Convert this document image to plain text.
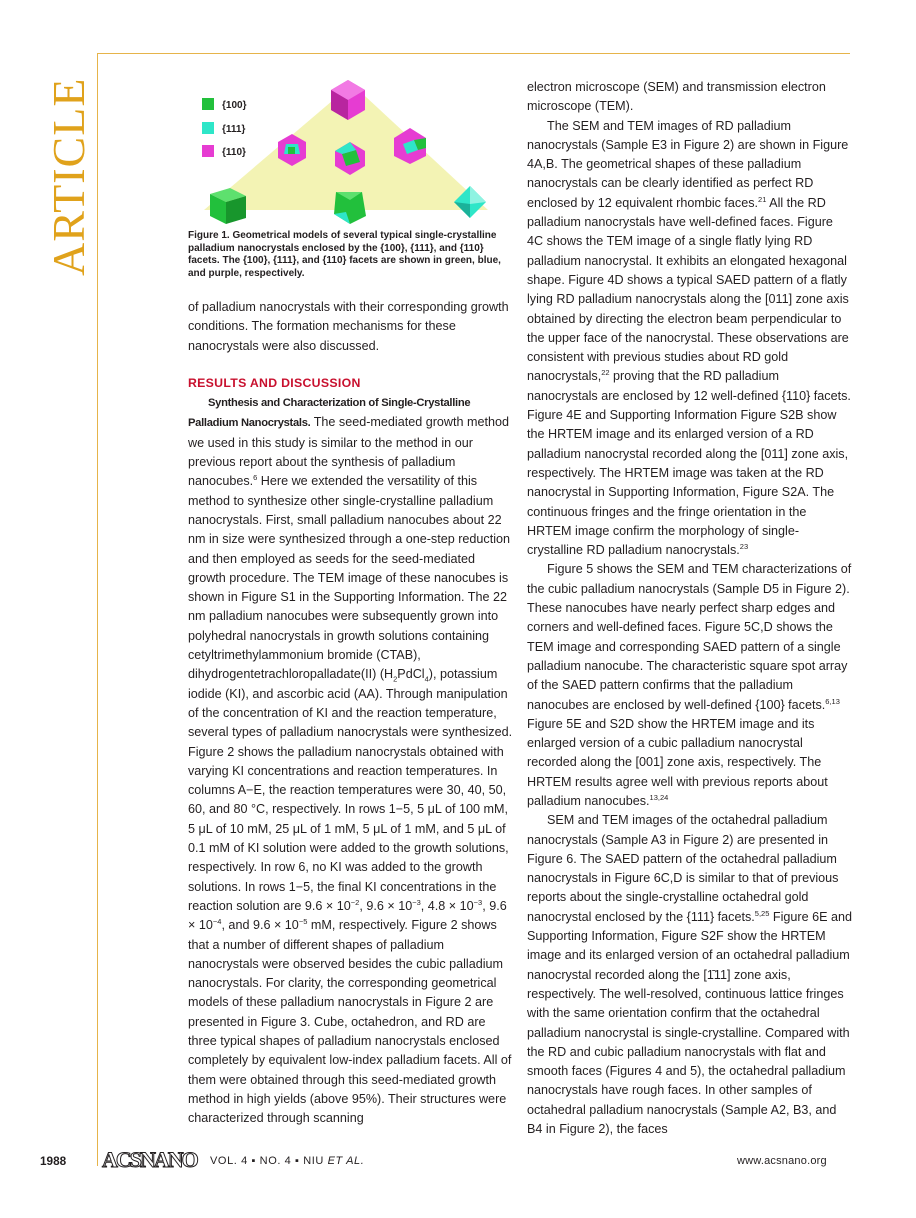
ARTICLE	{100}
{111}
{110}
Figure 1. Geometrical models of several typical single-crystalline palladium nanocrystals enclosed by the {100}, {111}, and {110} facets. The {100}, {111}, and {110} facets are shown in green, blue, and purple, respectively.

of palladium nanocrystals with their corresponding growth conditions. The formation mechanisms for these nanocrystals were also discussed.

RESULTS AND DISCUSSION

Synthesis and Characterization of Single-Crystalline Palladium Nanocrystals. The seed-mediated growth method we used in this study is similar to the method in our previous report about the synthesis of palladium nanocubes.$^6$ Here we extended the versatility of this method to synthesize other single-crystalline palladium nanocrystals. First, small palladium nanocubes about 22 nm in size were synthesized through a one-step reduction and then employed as seeds for the seed-mediated growth procedure. The TEM image of these nanocubes is shown in Figure S1 in the Supporting Information. The 22 nm palladium nanocubes were subsequently grown into polyhedral nanocrystals in growth solutions containing cetyltrimethylammonium bromide (CTAB), dihydrogentetrachloropalladate(II) $(H_2PdCl_4)$, potassium iodide (KI), and ascorbic acid (AA). Through manipulation of the concentration of KI and the reaction temperature, several types of palladium nanocrystals were synthesized. Figure 2 shows the palladium nanocrystals obtained with varying KI concentrations and reaction temperatures. In columns A−E, the reaction temperatures were 30, 40, 50, 60, and 80 °C, respectively. In rows 1−5, 5 μL of 100 mM, 5 μL of 10 mM, 25 μL of 1 mM, 5 μL of 1 mM, and 5 μL of 0.1 mM of KI solution were added to the growth solutions, respectively. In row 6, no KI was added to the growth solutions. In rows 1−5, the final KI concentrations in the reaction solution are $9.6 \times 10^{-2}$, $9.6 \times 10^{-3}$, $4.8 \times 10^{-3}$, $9.6 \times 10^{-4}$, and $9.6 \times 10^{-5}$ mM, respectively. Figure 2 shows that a number of different shapes of palladium nanocrystals were observed besides the cubic palladium nanocrystals. For clarity, the corresponding geometrical models of these palladium nanocrystals in Figure 2 are presented in Figure 3. Cube, octahedron, and RD are three typical shapes of palladium nanocrystals enclosed completely by equivalent low-index palladium facets. All of them were obtained through this seed-mediated growth method in high yields (above 95%). Their structures were characterized through scanning

electron microscope (SEM) and transmission electron microscope (TEM).

The SEM and TEM images of RD palladium nanocrystals (Sample E3 in Figure 2) are shown in Figure 4A,B. The geometrical shapes of these palladium nanocrystals can be clearly identified as perfect RD enclosed by 12 equivalent rhombic faces.$^{21}$ All the RD palladium nanocrystals have well-defined faces. Figure 4C shows the TEM image of a single flatly lying RD palladium nanocrystal. It exhibits an elongated hexagonal shape. Figure 4D shows a typical SAED pattern of a flatly lying RD palladium nanocrystals along the [011] zone axis obtained by directing the electron beam perpendicular to the upper face of the nanocrystal. These observations are consistent with previous studies about RD gold nanocrystals,$^{22}$ proving that the RD palladium nanocrystals are enclosed by 12 well-defined {110} facets. Figure 4E and Supporting Information Figure S2B show the HRTEM image and its enlarged version of a RD palladium nanocrystal recorded along the [011] zone axis, respectively. The HRTEM image was taken at the RD nanocrystal in Supporting Information, Figure S2A. The continuous fringes and the fringe orientation in the HRTEM image confirm the morphology of single-crystalline RD palladium nanocrystals.$^{23}$

Figure 5 shows the SEM and TEM characterizations of the cubic palladium nanocrystals (Sample D5 in Figure 2). These nanocubes have nearly perfect sharp edges and corners and well-defined faces. Figure 5C,D shows the TEM image and corresponding SAED pattern of a single palladium nanocube. The characteristic square spot array of the SAED pattern confirms that the palladium nanocubes are enclosed by well-defined {100} facets.$^{6,13}$ Figure 5E and S2D show the HRTEM image and its enlarged version of a cubic palladium nanocrystal recorded along the [001] zone axis, respectively. The HRTEM results agree well with previous reports about palladium nanocubes.$^{13,24}$

SEM and TEM images of the octahedral palladium nanocrystals (Sample A3 in Figure 2) are presented in Figure 6. The SAED pattern of the octahedral palladium nanocrystals in Figure 6C,D is similar to that of previous reports about the single-crystalline octahedral gold nanocrystal enclosed by the {111} facets.$^{5,25}$ Figure 6E and Supporting Information, Figure S2F show the HRTEM image and its enlarged version of an octahedral palladium nanocrystal recorded along the [1̄11] zone axis, respectively. The well-resolved, continuous lattice fringes with the same orientation confirm that the octahedral palladium nanocrystal is single-crystalline. Compared with the RD and cubic palladium nanocrystals with flat and smooth faces (Figures 4 and 5), the octahedral palladium nanocrystals have rough faces. In other samples of octahedral palladium nanocrystals (Sample A2, B3, and B4 in Figure 2), the faces

1988 ACSNANO VOL. 4 ▪ NO. 4 ▪ NIU ET AL.	www.acsnano.org
